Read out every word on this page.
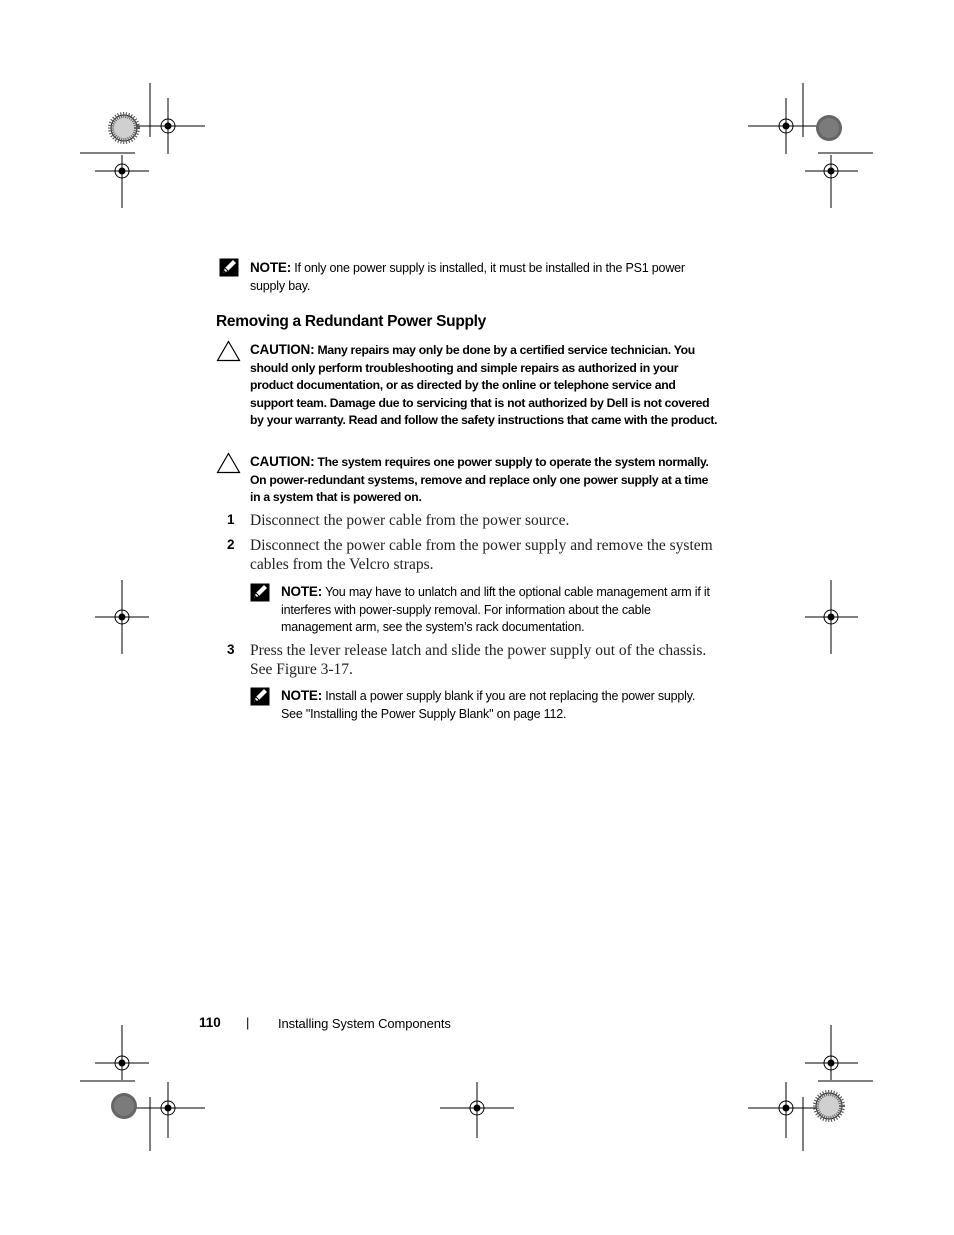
NOTE: If only one power supply is installed, it must be installed in the PS1 power supply bay.
Removing a Redundant Power Supply
CAUTION: Many repairs may only be done by a certified service technician. You should only perform troubleshooting and simple repairs as authorized in your product documentation, or as directed by the online or telephone service and support team. Damage due to servicing that is not authorized by Dell is not covered by your warranty. Read and follow the safety instructions that came with the product.
CAUTION: The system requires one power supply to operate the system normally. On power-redundant systems, remove and replace only one power supply at a time in a system that is powered on.
1 Disconnect the power cable from the power source.
2 Disconnect the power cable from the power supply and remove the system cables from the Velcro straps.
NOTE: You may have to unlatch and lift the optional cable management arm if it interferes with power-supply removal. For information about the cable management arm, see the system’s rack documentation.
3 Press the lever release latch and slide the power supply out of the chassis. See Figure 3-17.
NOTE: Install a power supply blank if you are not replacing the power supply. See "Installing the Power Supply Blank" on page 112.
110 | Installing System Components
